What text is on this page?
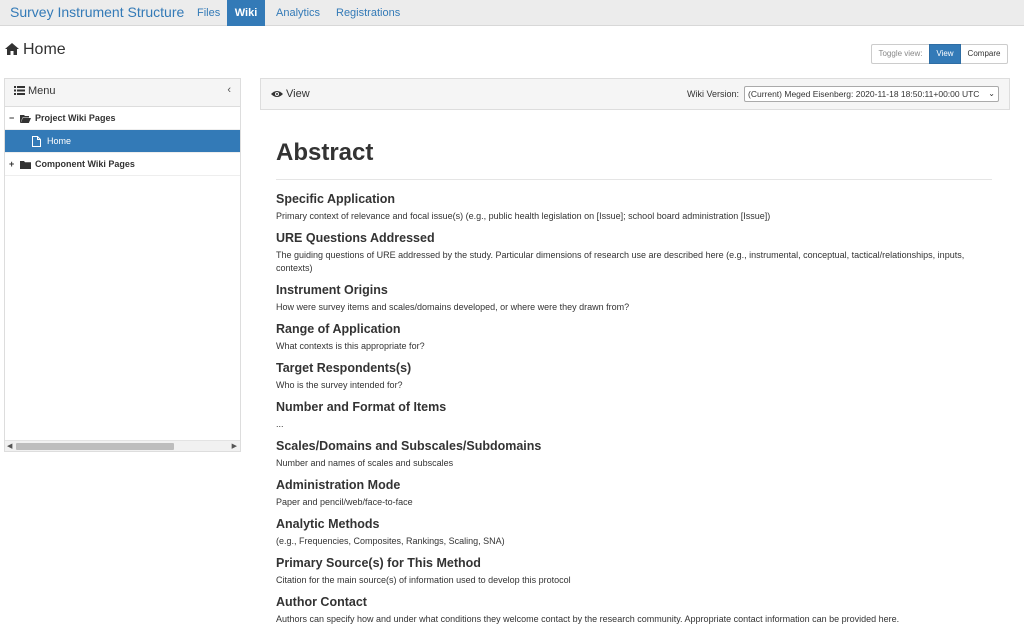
Survey Instrument Structure Files	Wiki	Analytics Registrations
Home	Toggle view:	View	Compare
Menu	‹
−	Project Wiki Pages
Home
+	Component Wiki Pages
◀	▶
View	Wiki Version:	(Current) Meged Eisenberg: 2020-11-18 18:50:11+00:00 UTC ⌄
Abstract
Specific Application

Primary context of relevance and focal issue(s) (e.g., public health legislation on [Issue]; school board administration [Issue])

URE Questions Addressed

The guiding questions of URE addressed by the study. Particular dimensions of research use are described here (e.g., instrumental, conceptual, tactical/relationships, inputs, contexts)

Instrument Origins

How were survey items and scales/domains developed, or where were they drawn from?

Range of Application

What contexts is this appropriate for?

Target Respondents(s)

Who is the survey intended for?

Number and Format of Items

...

Scales/Domains and Subscales/Subdomains

Number and names of scales and subscales

Administration Mode

Paper and pencil/web/face-to-face

Analytic Methods

(e.g., Frequencies, Composites, Rankings, Scaling, SNA)

Primary Source(s) for This Method

Citation for the main source(s) of information used to develop this protocol

Author Contact

Authors can specify how and under what conditions they welcome contact by the research community. Appropriate contact information can be provided here.
